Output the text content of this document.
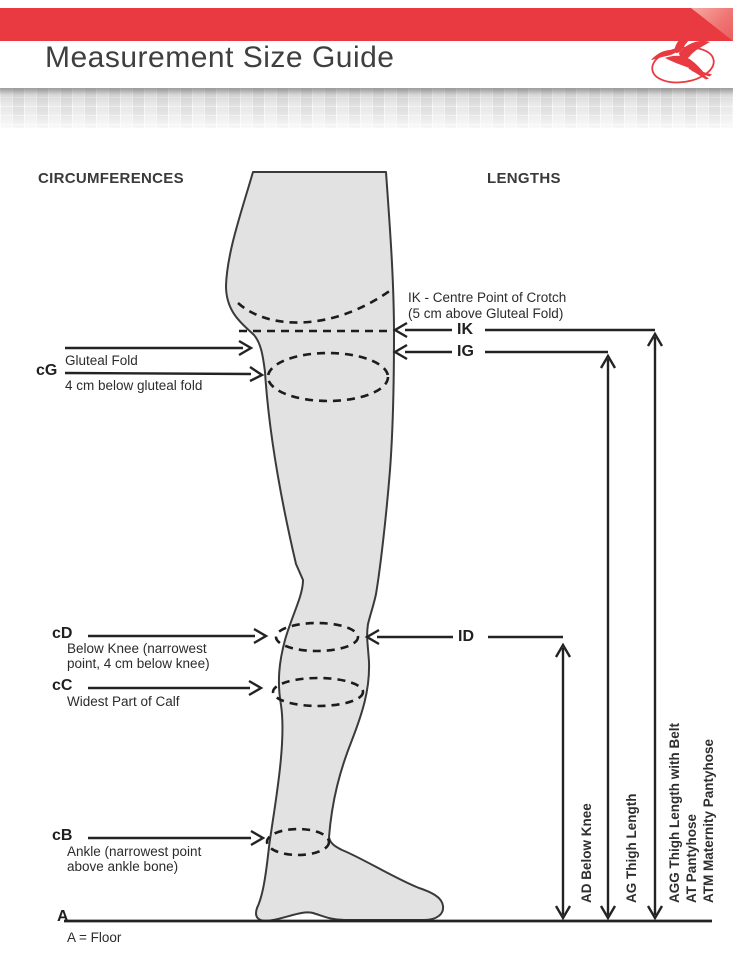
Measurement Size Guide
CIRCUMFERENCES	LENGTHS
cG
Gluteal Fold
4 cm below gluteal fold
cD
Below Knee (narrowest point, 4 cm below knee)
cC
Widest Part of Calf
cB
Ankle (narrowest point above ankle bone)
A
A = Floor
IK - Centre Point of Crotch
(5 cm above Gluteal Fold)
IK
IG
ID
AD Below Knee AG Thigh Length AGG Thigh Length with Belt AT Pantyhose ATM Maternity Pantyhose
